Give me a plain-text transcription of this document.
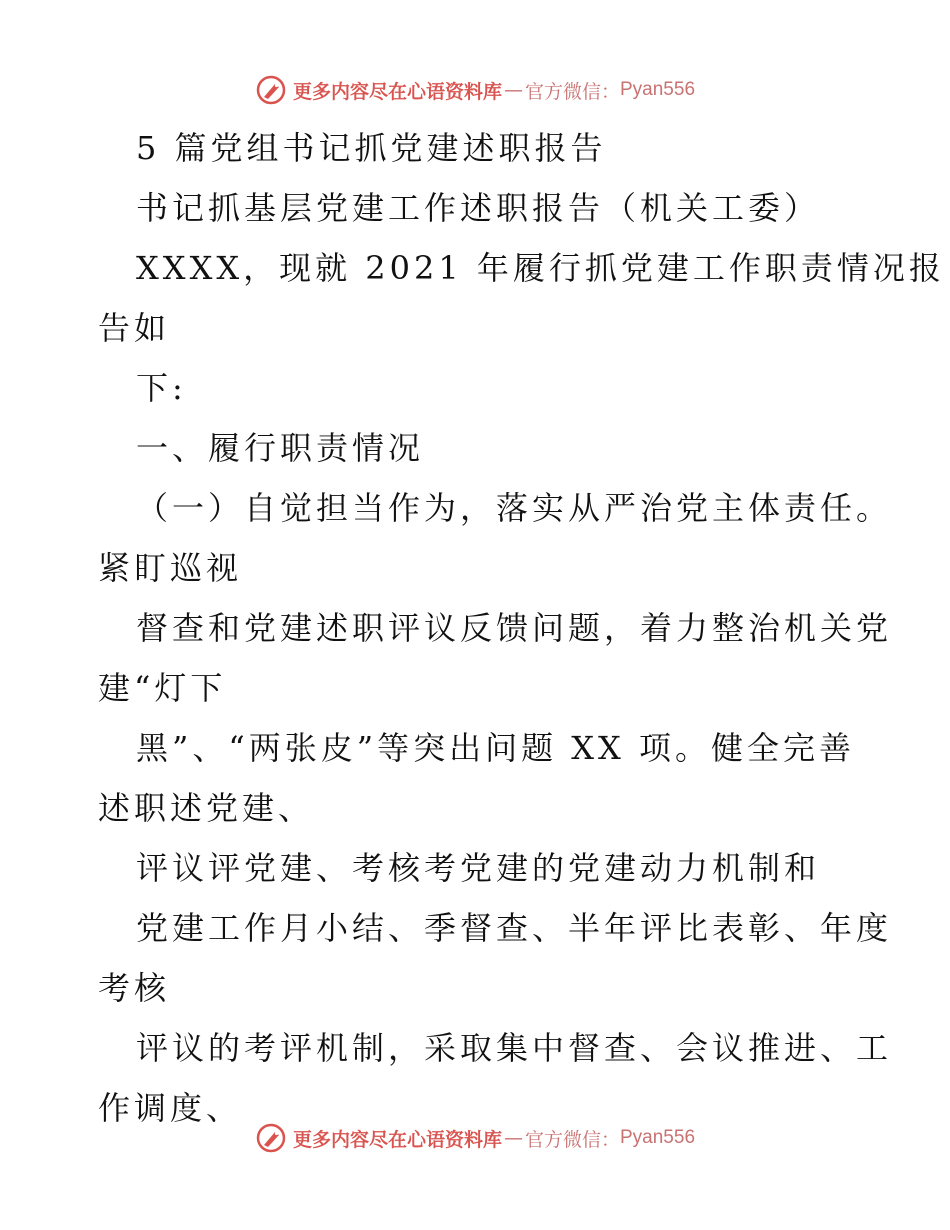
更多内容尽在心语资料库 — 官方微信： Pyan556
5 篇党组书记抓党建述职报告
书记抓基层党建工作述职报告（机关工委）
XXXX，现就 2021 年履行抓党建工作职责情况报
告如
下:
一、履行职责情况
（一）自觉担当作为，落实从严治党主体责任。
紧盯巡视
督查和党建述职评议反馈问题，着力整治机关党
建“灯下
黑”、“两张皮”等突出问题 XX 项。健全完善
述职述党建、
评议评党建、考核考党建的党建动力机制和
党建工作月小结、季督查、半年评比表彰、年度
考核
评议的考评机制，采取集中督查、会议推进、工
作调度、
更多内容尽在心语资料库 — 官方微信： Pyan556
